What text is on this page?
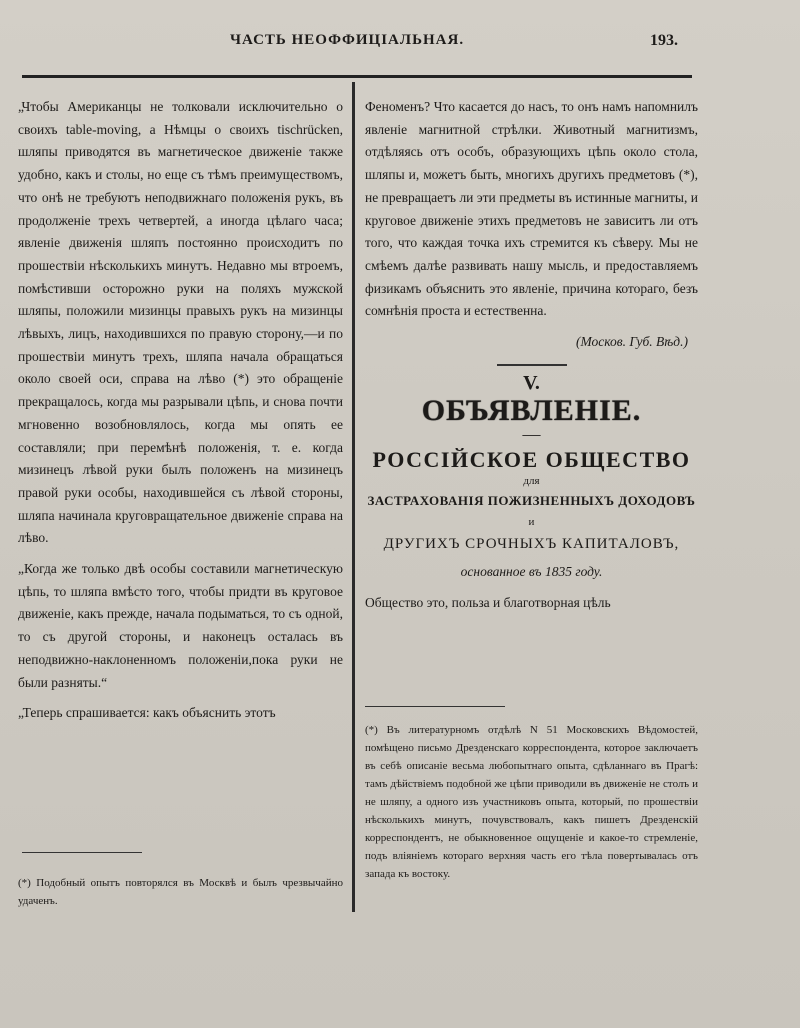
ЧАСТЬ НЕОФФИЦІАЛЬНАЯ.	193.

„Чтобы Американцы не толковали исключительно о своихъ table-moving, а Нѣмцы о своихъ tischrücken, шляпы приводятся въ магнетическое движеніе также удобно, какъ и столы, но еще съ тѣмъ преимуществомъ, что онѣ не требуютъ неподвижнаго положенія рукъ, въ продолженіе трехъ четвертей, а иногда цѣлаго часа; явленіе движенія шляпъ постоянно происходитъ по прошествіи нѣсколькихъ минутъ. Недавно мы втроемъ, помѣстивши осторожно руки на поляхъ мужской шляпы, положили мизинцы правыхъ рукъ на мизинцы лѣвыхъ, лицъ, находившихся по правую сторону,—и по прошествіи минутъ трехъ, шляпа начала обращаться около своей оси, справа на лѣво (*) это обращеніе прекращалось, когда мы разрывали цѣпь, и снова почти мгновенно возобновлялось, когда мы опять ее составляли; при перемѣнѣ положенія, т. е. когда мизинецъ лѣвой руки былъ положенъ на мизинецъ правой руки особы, находившейся съ лѣвой стороны, шляпа начинала круговращательное движеніе справа на лѣво.

„Когда же только двѣ особы составили магнетическую цѣпь, то шляпа вмѣсто того, чтобы придти въ круговое движеніе, какъ прежде, начала подыматься, то съ одной, то съ другой стороны, и наконецъ осталась въ неподвижно-наклоненномъ положеніи,пока руки не были разняты.“

„Теперь спрашивается: какъ объяснить этотъ

(*) Подобный опытъ повторялся въ Москвѣ и былъ чрезвычайно удаченъ.

Феноменъ? Что касается до насъ, то онъ намъ напомнилъ явленіе магнитной стрѣлки. Животный магнитизмъ, отдѣляясь отъ особъ, образующихъ цѣпь около стола, шляпы и, можетъ быть, многихъ другихъ предметовъ (*), не превращаетъ ли эти предметы въ истинные магниты, и круговое движеніе этихъ предметовъ не зависитъ ли отъ того, что каждая точка ихъ стремится къ сѣверу. Мы не смѣемъ далѣе развивать нашу мысль, и предоставляемъ физикамъ объяснить это явленіе, причина котораго, безъ сомнѣнія проста и естественна.

(Москов. Губ. Вѣд.)
V.
ОБЪЯВЛЕНІЕ.
—
РОССІЙСКОЕ ОБЩЕСТВО
для
ЗАСТРАХОВАНІЯ ПОЖИЗНЕННЫХЪ ДОХОДОВЪ
и
ДРУГИХЪ СРОЧНЫХЪ КАПИТАЛОВЪ,
основанное въ 1835 году.
Общество это, польза и благотворная цѣль
(*) Въ литературномъ отдѣлѣ N 51 Московскихъ Вѣдомостей, помѣщено письмо Дрезденскаго корреспондента, которое заключаетъ въ себѣ описаніе весьма любопытнаго опыта, сдѣланнаго въ Прагѣ: тамъ дѣйствіемъ подобной же цѣпи приводили въ движеніе не столъ и не шляпу, а одного изъ участниковъ опыта, который, по прошествіи нѣсколькихъ минутъ, почувствовалъ, какъ пишетъ Дрезденскій корреспондентъ, не обыкновенное ощущеніе и какое-то стремленіе, подъ вліяніемъ котораго верхняя часть его тѣла повертывалась отъ запада къ востоку.
